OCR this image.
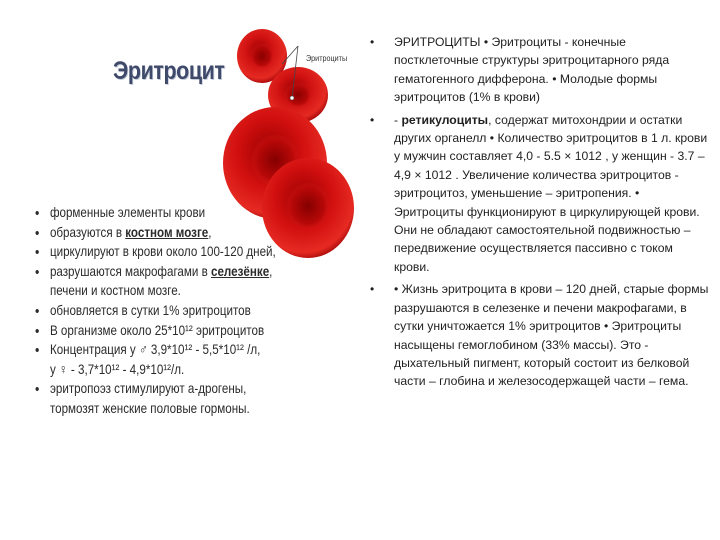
Эритроциты
Эритроцит
• форменные элементы крови
• образуются в костном мозге,
• циркулируют в крови около 100-120 дней,
• разрушаются макрофагами в селезёнке,
печени и костном мозге.
• обновляется в сутки 1% эритроцитов
• В организме около 25*10¹² эритроцитов
• Концентрация у ♂ 3,9*10¹² - 5,5*10¹² /л,
у ♀ - 3,7*10¹² - 4,9*10¹²/л.
• эритропоэз стимулируют а-дрогены,
тормозят женские половые гормоны.
• ЭРИТРОЦИТЫ • Эритроциты - конечные постклеточные структуры эритроцитарного ряда гематогенного дифферона. • Молодые формы эритроцитов (1% в крови)
• - ретикулоциты, содержат митохондрии и остатки других органелл • Количество эритроцитов в 1 л. крови у мужчин составляет 4,0 - 5.5 × 1012 , у женщин - 3.7 – 4,9 × 1012 . Увеличение количества эритроцитов - эритроцитоз, уменьшение – эритропения. • Эритроциты функционируют в циркулирующей крови. Они не обладают самостоятельной подвижностью – передвижение осуществляется пассивно с током крови.
• • Жизнь эритроцита в крови – 120 дней, старые формы разрушаются в селезенке и печени макрофагами, в сутки уничтожается 1% эритроцитов • Эритроциты насыщены гемоглобином (33% массы). Это - дыхательный пигмент, который состоит из белковой части – глобина и железосодержащей части – гема.
